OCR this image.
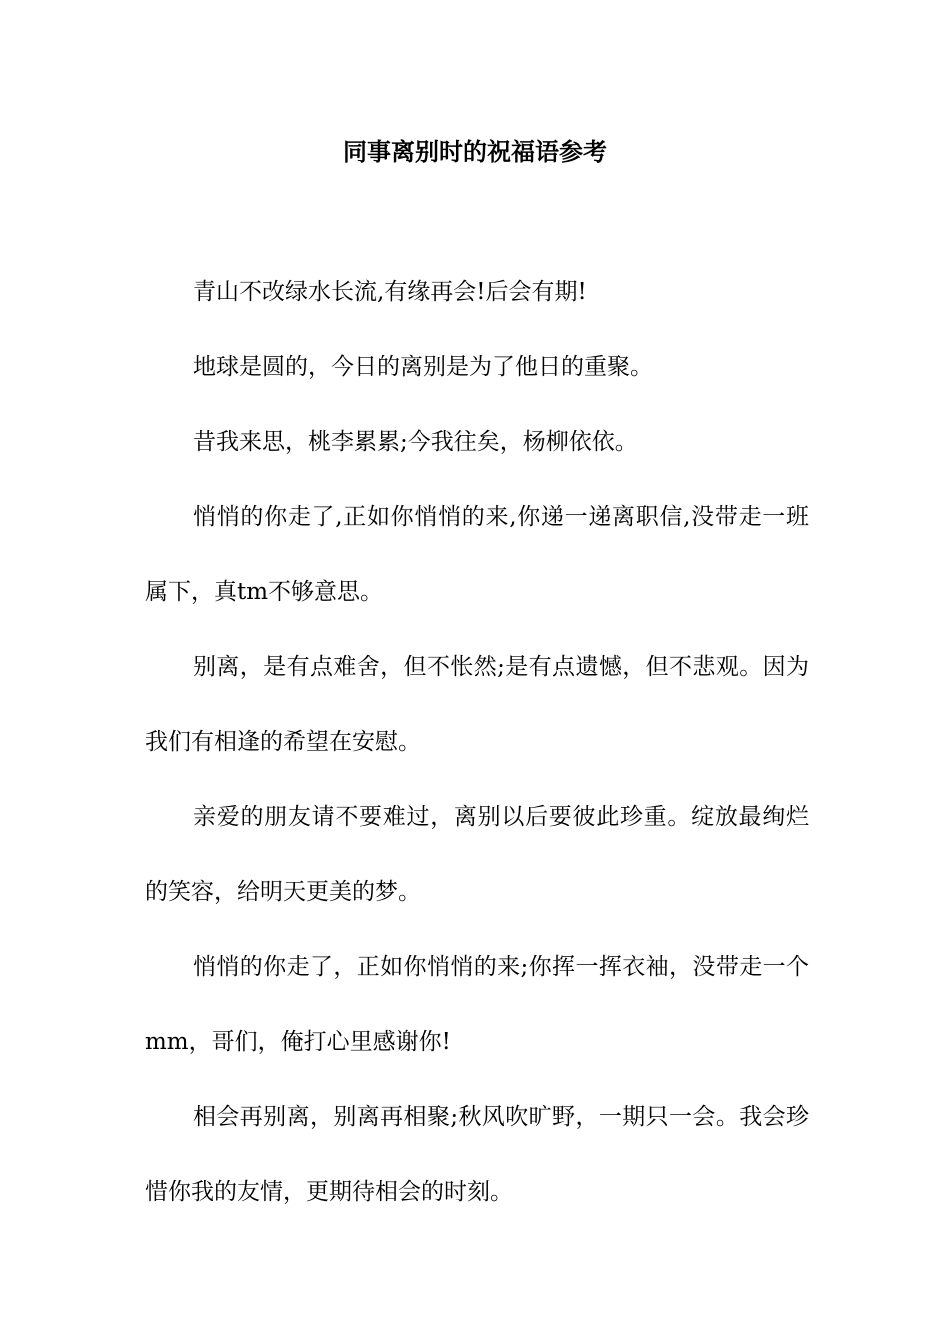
同事离别时的祝福语参考

青山不改绿水长流,有缘再会!后会有期!

地球是圆的，今日的离别是为了他日的重聚。

昔我来思，桃李累累;今我往矣，杨柳依依。

悄悄的你走了,正如你悄悄的来,你递一递离职信,没带走一班属下，真tm不够意思。

别离，是有点难舍，但不怅然;是有点遗憾，但不悲观。因为我们有相逢的希望在安慰。

亲爱的朋友请不要难过，离别以后要彼此珍重。绽放最绚烂的笑容，给明天更美的梦。

悄悄的你走了，正如你悄悄的来;你挥一挥衣袖，没带走一个mm，哥们，俺打心里感谢你!

相会再别离，别离再相聚;秋风吹旷野，一期只一会。我会珍惜你我的友情，更期待相会的时刻。
